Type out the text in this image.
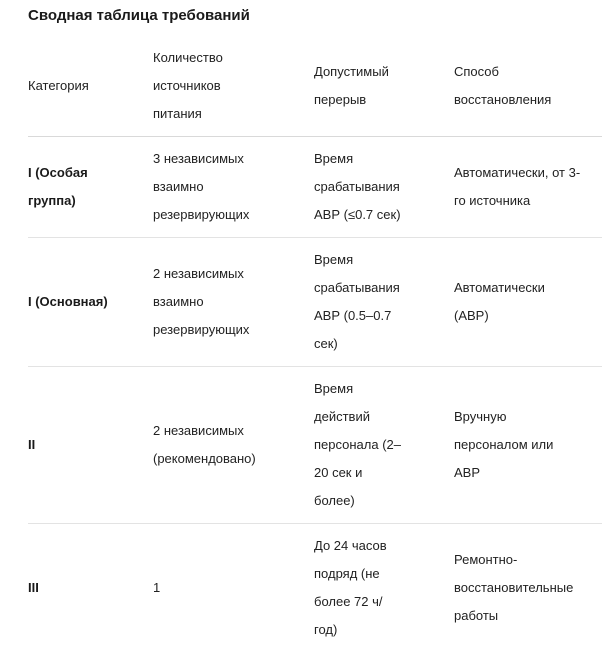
Сводная таблица требований
Категория	Количество источников питания	Допустимый перерыв	Способ восстановления

I (Особая группа)	3 независимых взаимно резервирующих	Время срабатывания АВР (≤0.7 сек)	Автоматически, от 3-го источника

I (Основная)	2 независимых взаимно резервирующих	Время срабатывания АВР (0.5–0.7 сек)	Автоматически (АВР)

II	2 независимых (рекомендовано)	Время действий персонала (2–20 сек и более)	Вручную персоналом или АВР

III	1	До 24 часов подряд (не более 72 ч/год)	Ремонтно-восстановительные работы
